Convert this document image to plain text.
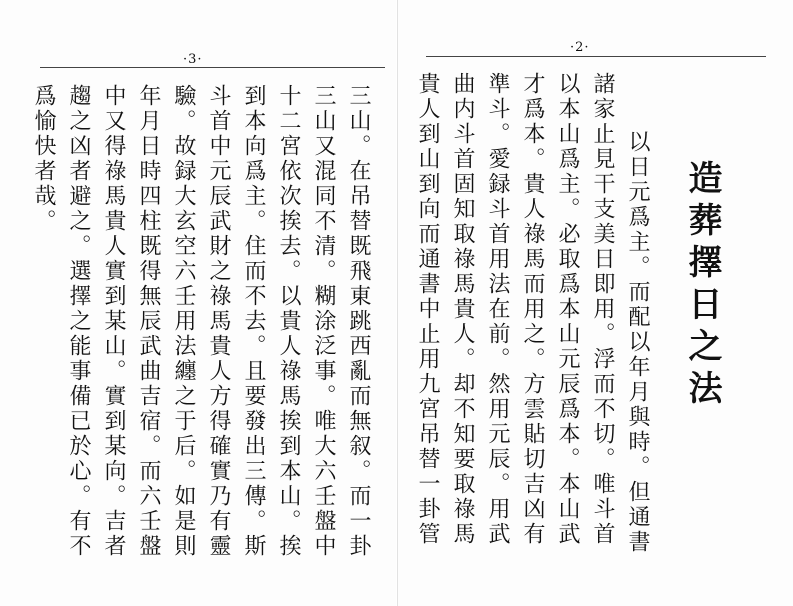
·3·
三山。在吊替既飛東跳西亂而無叙。而一卦
三山又混同不清。糊涂泛事。唯大六壬盤中
十二宮依次挨去。以貴人祿馬挨到本山。挨
到本向爲主。住而不去。且要發出三傳。斯
斗首中元辰武財之祿馬貴人方得確實乃有靈
驗。故録大玄空六壬用法纏之于后。如是則
年月日時四柱既得無辰武曲吉宿。而六壬盤
中又得祿馬貴人實到某山。實到某向。吉者
趨之凶者避之。選擇之能事備已於心。有不
爲愉快者哉。
·2·
造葬擇日之法
以日元爲主。而配以年月與時。但通書
諸家止見干支美日即用。浮而不切。唯斗首
以本山爲主。必取爲本山元辰爲本。本山武
才爲本。貴人祿馬而用之。方雲貼切吉凶有
準斗。愛録斗首用法在前。然用元辰。用武
曲内斗首固知取祿馬貴人。却不知要取祿馬
貴人到山到向而通書中止用九宮吊替一卦管
